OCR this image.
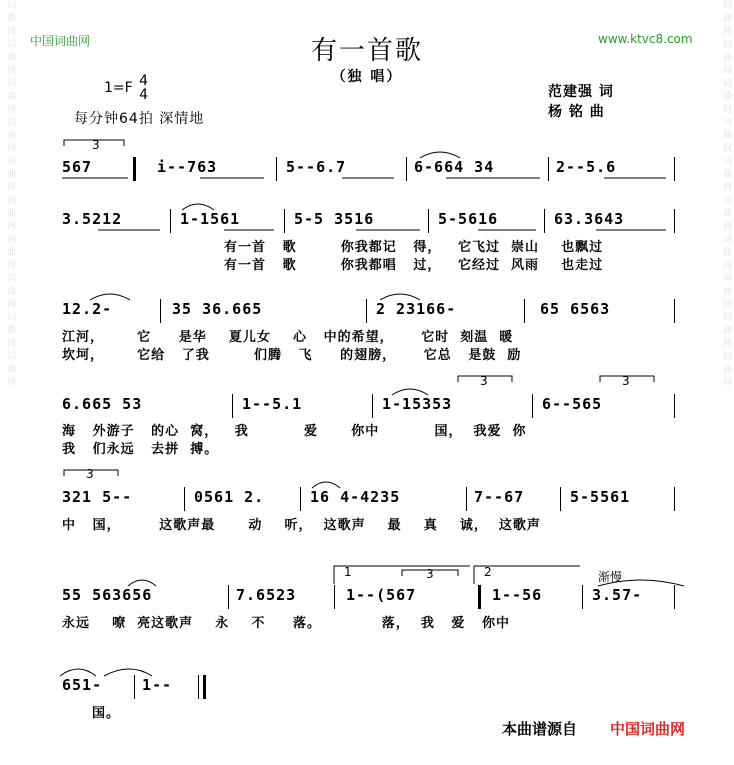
词曲网词曲网词曲网词曲网词曲网词曲网词曲网词曲网词曲网词曲网	词曲网词曲网词曲网词曲网词曲网词曲网词曲网词曲网词曲网词曲网
中国词曲网	www.ktvc8.com
有一首歌
（独 唱）
1=F 4
4
每分钟64拍 深情地
范建强 词
杨 铭 曲
567	i--763	5--6.7	6-664 34	2--5.6
3.5212	1-1561	5-5 3516	5-5616	63.3643
有一首   歌        你我都记   得，   它飞过  崇山    也飘过
有一首   歌        你我都唱   过，   它经过  风雨    也走过
12.2-	35 36.665	2 23166-	65 6563
江河，      它     是华    夏儿女    心   中的希望，     它时  刻温  暖
坎坷，      它给   了我        们腾   飞     的翅膀，     它总   是鼓  励
6.665 53	1--5.1	1-15353	6--565
海   外游子   的心  窝，   我          爱      你中          国，  我爱  你
我   们永远   去拼  搏。
321 5--	0561 2.	16 4-4235	7--67	5-5561
中   国，       这歌声最      动    听，  这歌声    最    真    诚，  这歌声
55 563656	7.6523	1--(567	1--56	3.57-
1	2	渐慢
永远    嘹  亮这歌声    永    不     落。           落，  我   爱   你中
651-	1--
国。
3
3	3
3
3
本曲谱源自 中国词曲网
